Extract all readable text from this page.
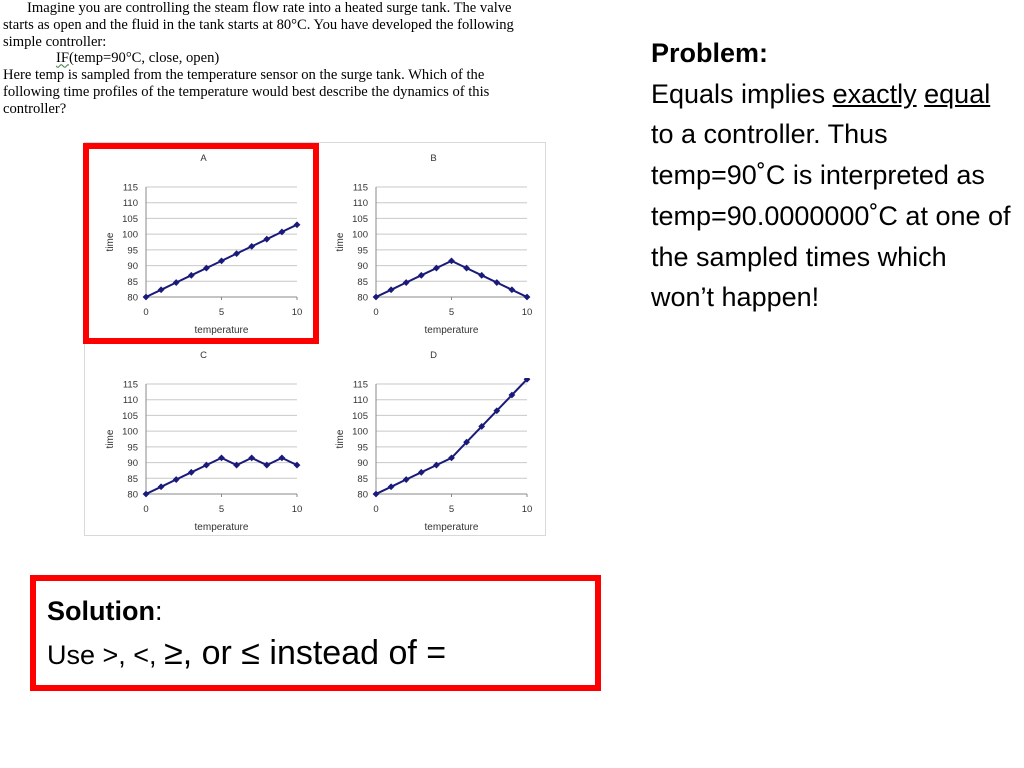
Imagine you are controlling the steam flow rate into a heated surge tank. The valve
starts as open and the fluid in the tank starts at 80°C. You have developed the following
simple controller:
IF(temp=90°C, close, open)
Here temp is sampled from the temperature sensor on the surge tank. Which of the
following time profiles of the temperature would best describe the dynamics of this
controller?
A
80
85
90
95
100
105
110
115
0	5	10
temperature
time
B
80
85
90
95
100
105
110
115
0	5	10
temperature
time
C
80
85
90
95
100
105
110
115
0	5	10
temperature
time
D
80
85
90
95
100
105
110
115
0	5	10
temperature
time
Problem:
Equals implies exactly equal to a controller. Thus temp=90˚C is interpreted as temp=90.0000000˚C at one of the sampled times which won’t happen!
Solution:
Use >, <, ≥, or ≤ instead of =
